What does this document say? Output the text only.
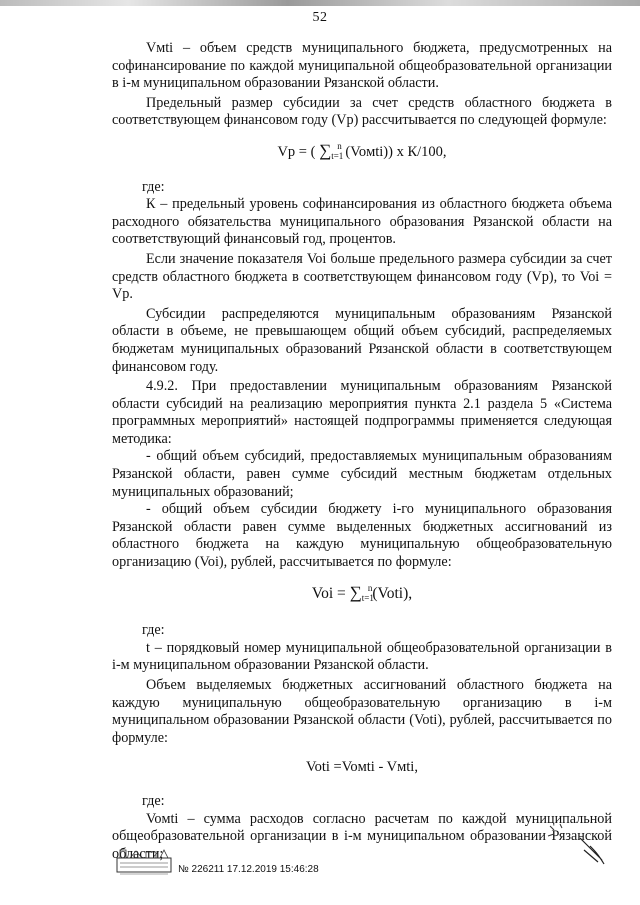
52

Vмti – объем средств муниципального бюджета, предусмотренных на софинансирование по каждой муниципальной общеобразовательной организации в i-м муниципальном образовании Рязанской области.

Предельный размер субсидии за счет средств областного бюджета в соответствующем финансовом году (Vp) рассчитывается по следующей формуле:

Vp = ( $\sum_{t=1}^n$ (Voмti)) х К/100,

где:

К – предельный уровень софинансирования из областного бюджета объема расходного обязательства муниципального образования Рязанской области на соответствующий финансовый год, процентов.

Если значение показателя Voi больше предельного размера субсидии за счет средств областного бюджета в соответствующем финансовом году (Vp), то Voi = Vp.

Субсидии распределяются муниципальным образованиям Рязанской области в объеме, не превышающем общий объем субсидий, распределяемых бюджетам муниципальных образований Рязанской области в соответствующем финансовом году.

4.9.2. При предоставлении муниципальным образованиям Рязанской области субсидий на реализацию мероприятия пункта 2.1 раздела 5 «Система программных мероприятий» настоящей подпрограммы применяется следующая методика:

- общий объем субсидий, предоставляемых муниципальным образованиям Рязанской области, равен сумме субсидий местным бюджетам отдельных муниципальных образований;

- общий объем субсидии бюджету i-го муниципального образования Рязанской области равен сумме выделенных бюджетных ассигнований из областного бюджета на каждую муниципальную общеобразовательную организацию (Voi), рублей, рассчитывается по формуле:

Voi = $\sum t=1^n(Voti)$,

где:

t – порядковый номер муниципальной общеобразовательной организации в i-м муниципальном образовании Рязанской области.

Объем выделяемых бюджетных ассигнований областного бюджета на каждую муниципальную общеобразовательную организацию в i-м муниципальном образовании Рязанской области (Voti), рублей, рассчитывается по формуле:

Voti =Voмti - Vмti,

где:

Voмti – сумма расходов согласно расчетам по каждой муниципальной общеобразовательной организации в i-м муниципальном образовании Рязанской области;

№ 226211 17.12.2019 15:46:28
